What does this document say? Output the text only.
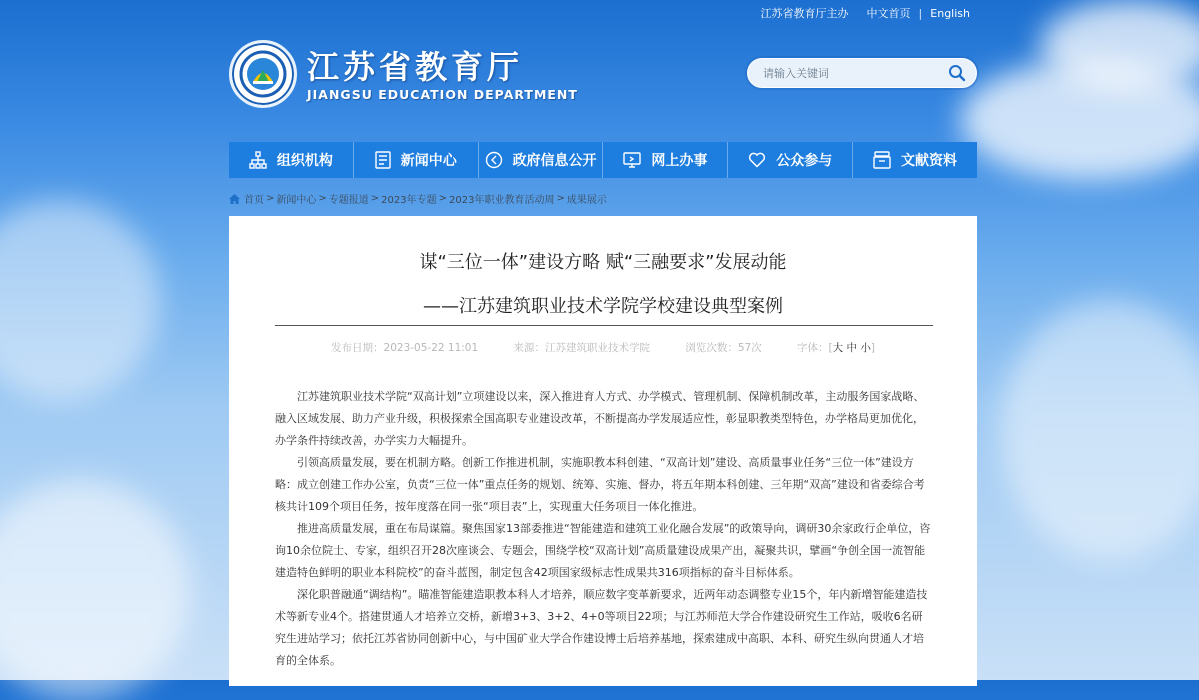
江苏省教育厅主办 中文首页 | English
江苏省教育厅
JIANGSU EDUCATION DEPARTMENT
请输入关键词
组织机构	新闻中心	政府信息公开	网上办事	公众参与	文献资料
首页 > 新闻中心 > 专题报道 > 2023年专题 > 2023年职业教育活动周 > 成果展示
谋“三位一体”建设方略 赋“三融要求”发展动能
——江苏建筑职业技术学院学校建设典型案例
发布日期：2023-05-22 11:01	来源：江苏建筑职业技术学院	浏览次数：57次	字体：[大 中 小]

江苏建筑职业技术学院“双高计划”立项建设以来，深入推进育人方式、办学模式、管理机制、保障机制改革，主动服务国家战略、融入区域发展、助力产业升级，积极探索全国高职专业建设改革，不断提高办学发展适应性，彰显职教类型特色，办学格局更加优化，办学条件持续改善，办学实力大幅提升。

引领高质量发展，要在机制方略。创新工作推进机制，实施职教本科创建、“双高计划”建设、高质量事业任务“三位一体”建设方略：成立创建工作办公室，负责“三位一体”重点任务的规划、统筹、实施、督办，将五年期本科创建、三年期“双高”建设和省委综合考核共计109个项目任务，按年度落在同一张“项目表”上，实现重大任务项目一体化推进。

推进高质量发展，重在布局谋篇。聚焦国家13部委推进“智能建造和建筑工业化融合发展”的政策导向，调研30余家政行企单位，咨询10余位院士、专家，组织召开28次座谈会、专题会，围绕学校“双高计划”高质量建设成果产出，凝聚共识，擘画“争创全国一流智能建造特色鲜明的职业本科院校”的奋斗蓝图，制定包含42项国家级标志性成果共316项指标的奋斗目标体系。

深化职普融通“调结构”。瞄准智能建造职教本科人才培养，顺应数字变革新要求，近两年动态调整专业15个，年内新增智能建造技术等新专业4个。搭建贯通人才培养立交桥，新增3+3、3+2、4+0等项目22项；与江苏师范大学合作建设研究生工作站，吸收6名研究生进站学习；依托江苏省协同创新中心，与中国矿业大学合作建设博士后培养基地，探索建成中高职、本科、研究生纵向贯通人才培育的全体系。
